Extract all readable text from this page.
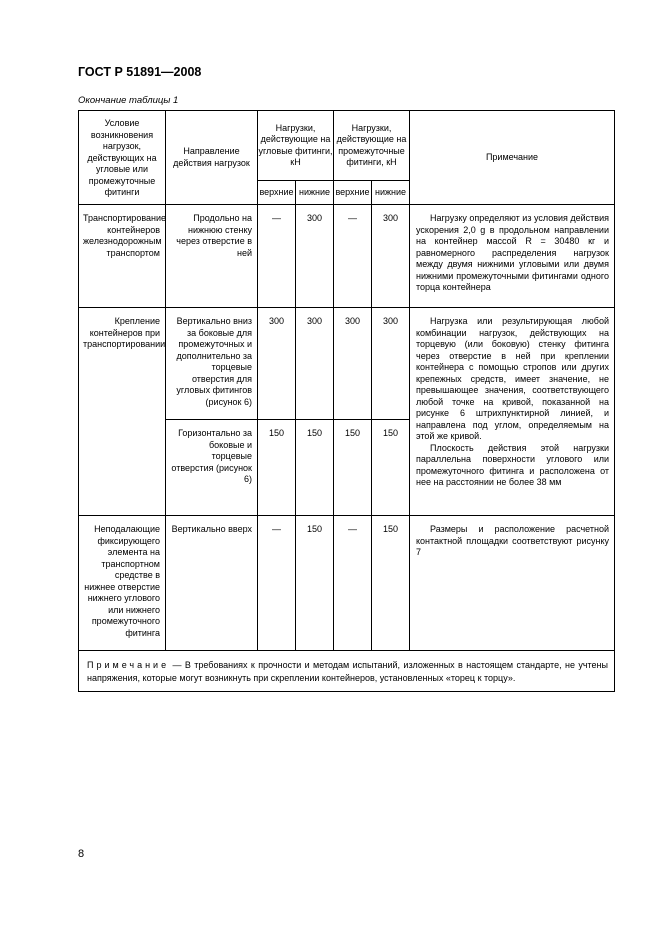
ГОСТ Р 51891—2008
Окончание таблицы 1
Условие возникновения нагрузок, действующих на угловые или промежуточные фитинги	Направление действия нагрузок	Нагрузки, действующие на угловые фитинги, кН		Нагрузки, действующие на промежуточные фитинги, кН		Примечание
		верхние	нижние	верхние	нижние	
Транспортирование контейнеров железнодорожным транспортом	Продольно на нижнюю стенку через отверстие в ней	—	300	—	300	Нагрузку определяют из условия действия ускорения 2,0 g в продольном направлении на контейнер массой R = 30480 кг и равномерного распределения нагрузок между двумя нижними угловыми или двумя нижними промежуточными фитингами одного торца контейнера

Крепление контейнеров при транспортировании	Вертикально вниз за боковые для промежуточных и дополнительно за торцевые отверстия для угловых фитингов (рисунок 6)	300	300	300	300	Нагрузка или результирующая любой комбинации нагрузок, действующих на торцевую (или боковую) стенку фитинга через отверстие в ней при креплении контейнера с помощью стропов или других крепежных средств, имеет значение, не превышающее значения, соответствующего любой точке на кривой, показанной на рисунке 6 штрихпунктирной линией, и направлена под углом, определяемым на этой же кривой.

Плоскость действия этой нагрузки параллельна поверхности углового или промежуточного фитинга и расположена от нее на расстоянии не более 38 мм

	Горизонтально за боковые и торцевые отверстия (рисунок 6)	150	150	150	150	
Неподалающие фиксирующего элемента на транспортном средстве в нижнее отверстие нижнего углового или нижнего промежуточного фитинга	Вертикально вверх	—	150	—	150	Размеры и расположение расчетной контактной площадки соответствуют рисунку 7

Примечание — В требованиях к прочности и методам испытаний, изложенных в настоящем стандарте, не учтены напряжения, которые могут возникнуть при скреплении контейнеров, установленных «торец к торцу».						
8
